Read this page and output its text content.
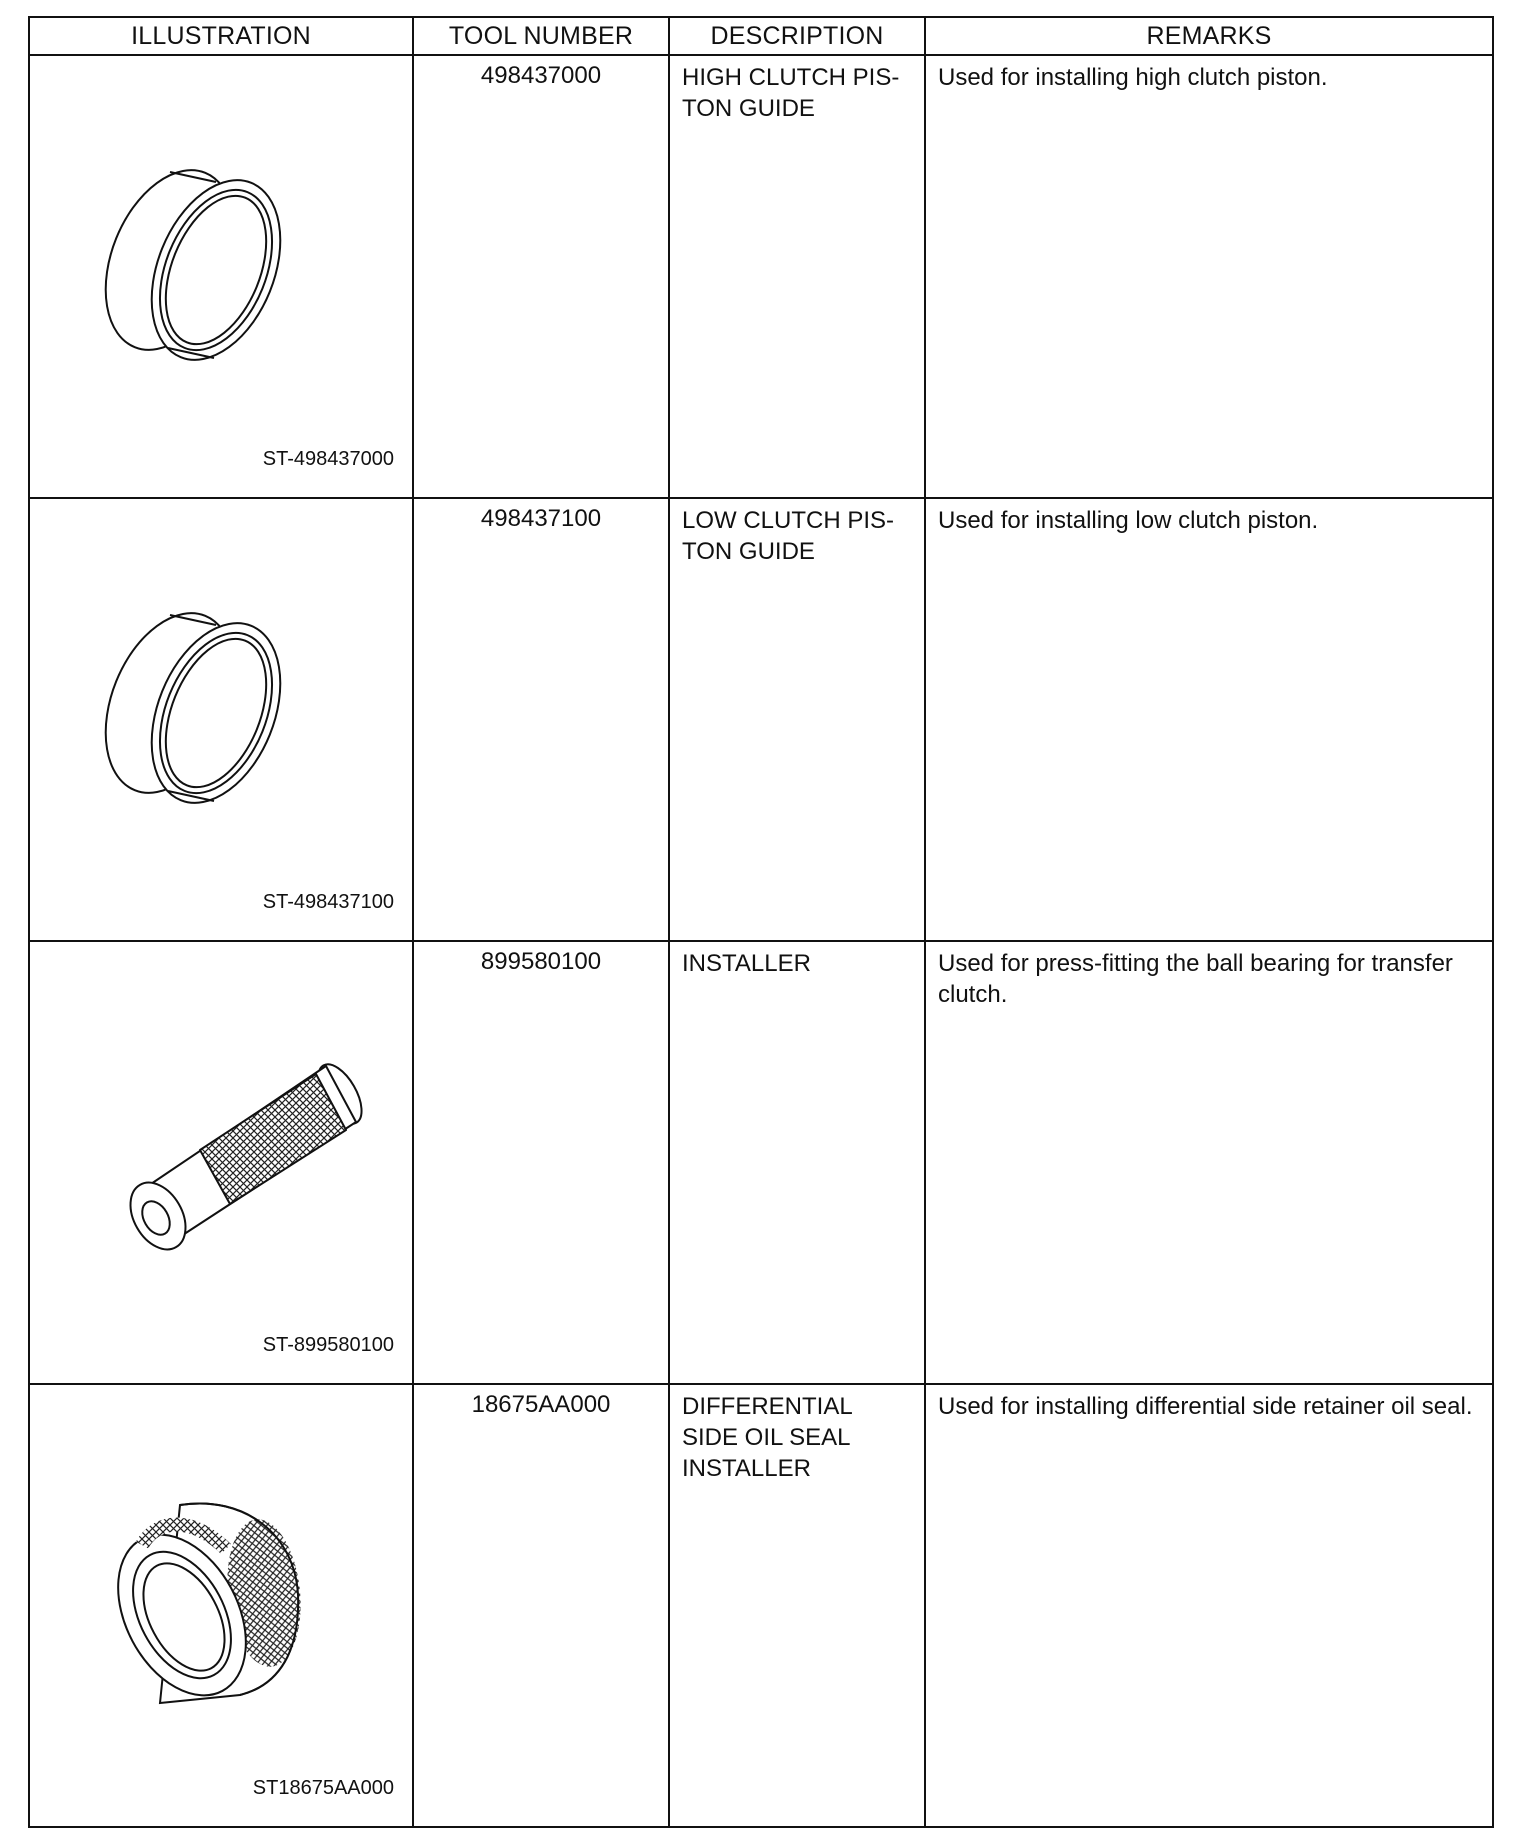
ILLUSTRATION	TOOL NUMBER	DESCRIPTION	REMARKS

ST-498437000	498437000	HIGH CLUTCH PIS-
TON GUIDE	Used for installing high clutch piston.

ST-498437100	498437100	LOW CLUTCH PIS-
TON GUIDE	Used for installing low clutch piston.

ST-899580100	899580100	INSTALLER	Used for press-fitting the ball bearing for transfer clutch.

ST18675AA000	18675AA000	DIFFERENTIAL
SIDE OIL SEAL
INSTALLER	Used for installing differential side retainer oil seal.
